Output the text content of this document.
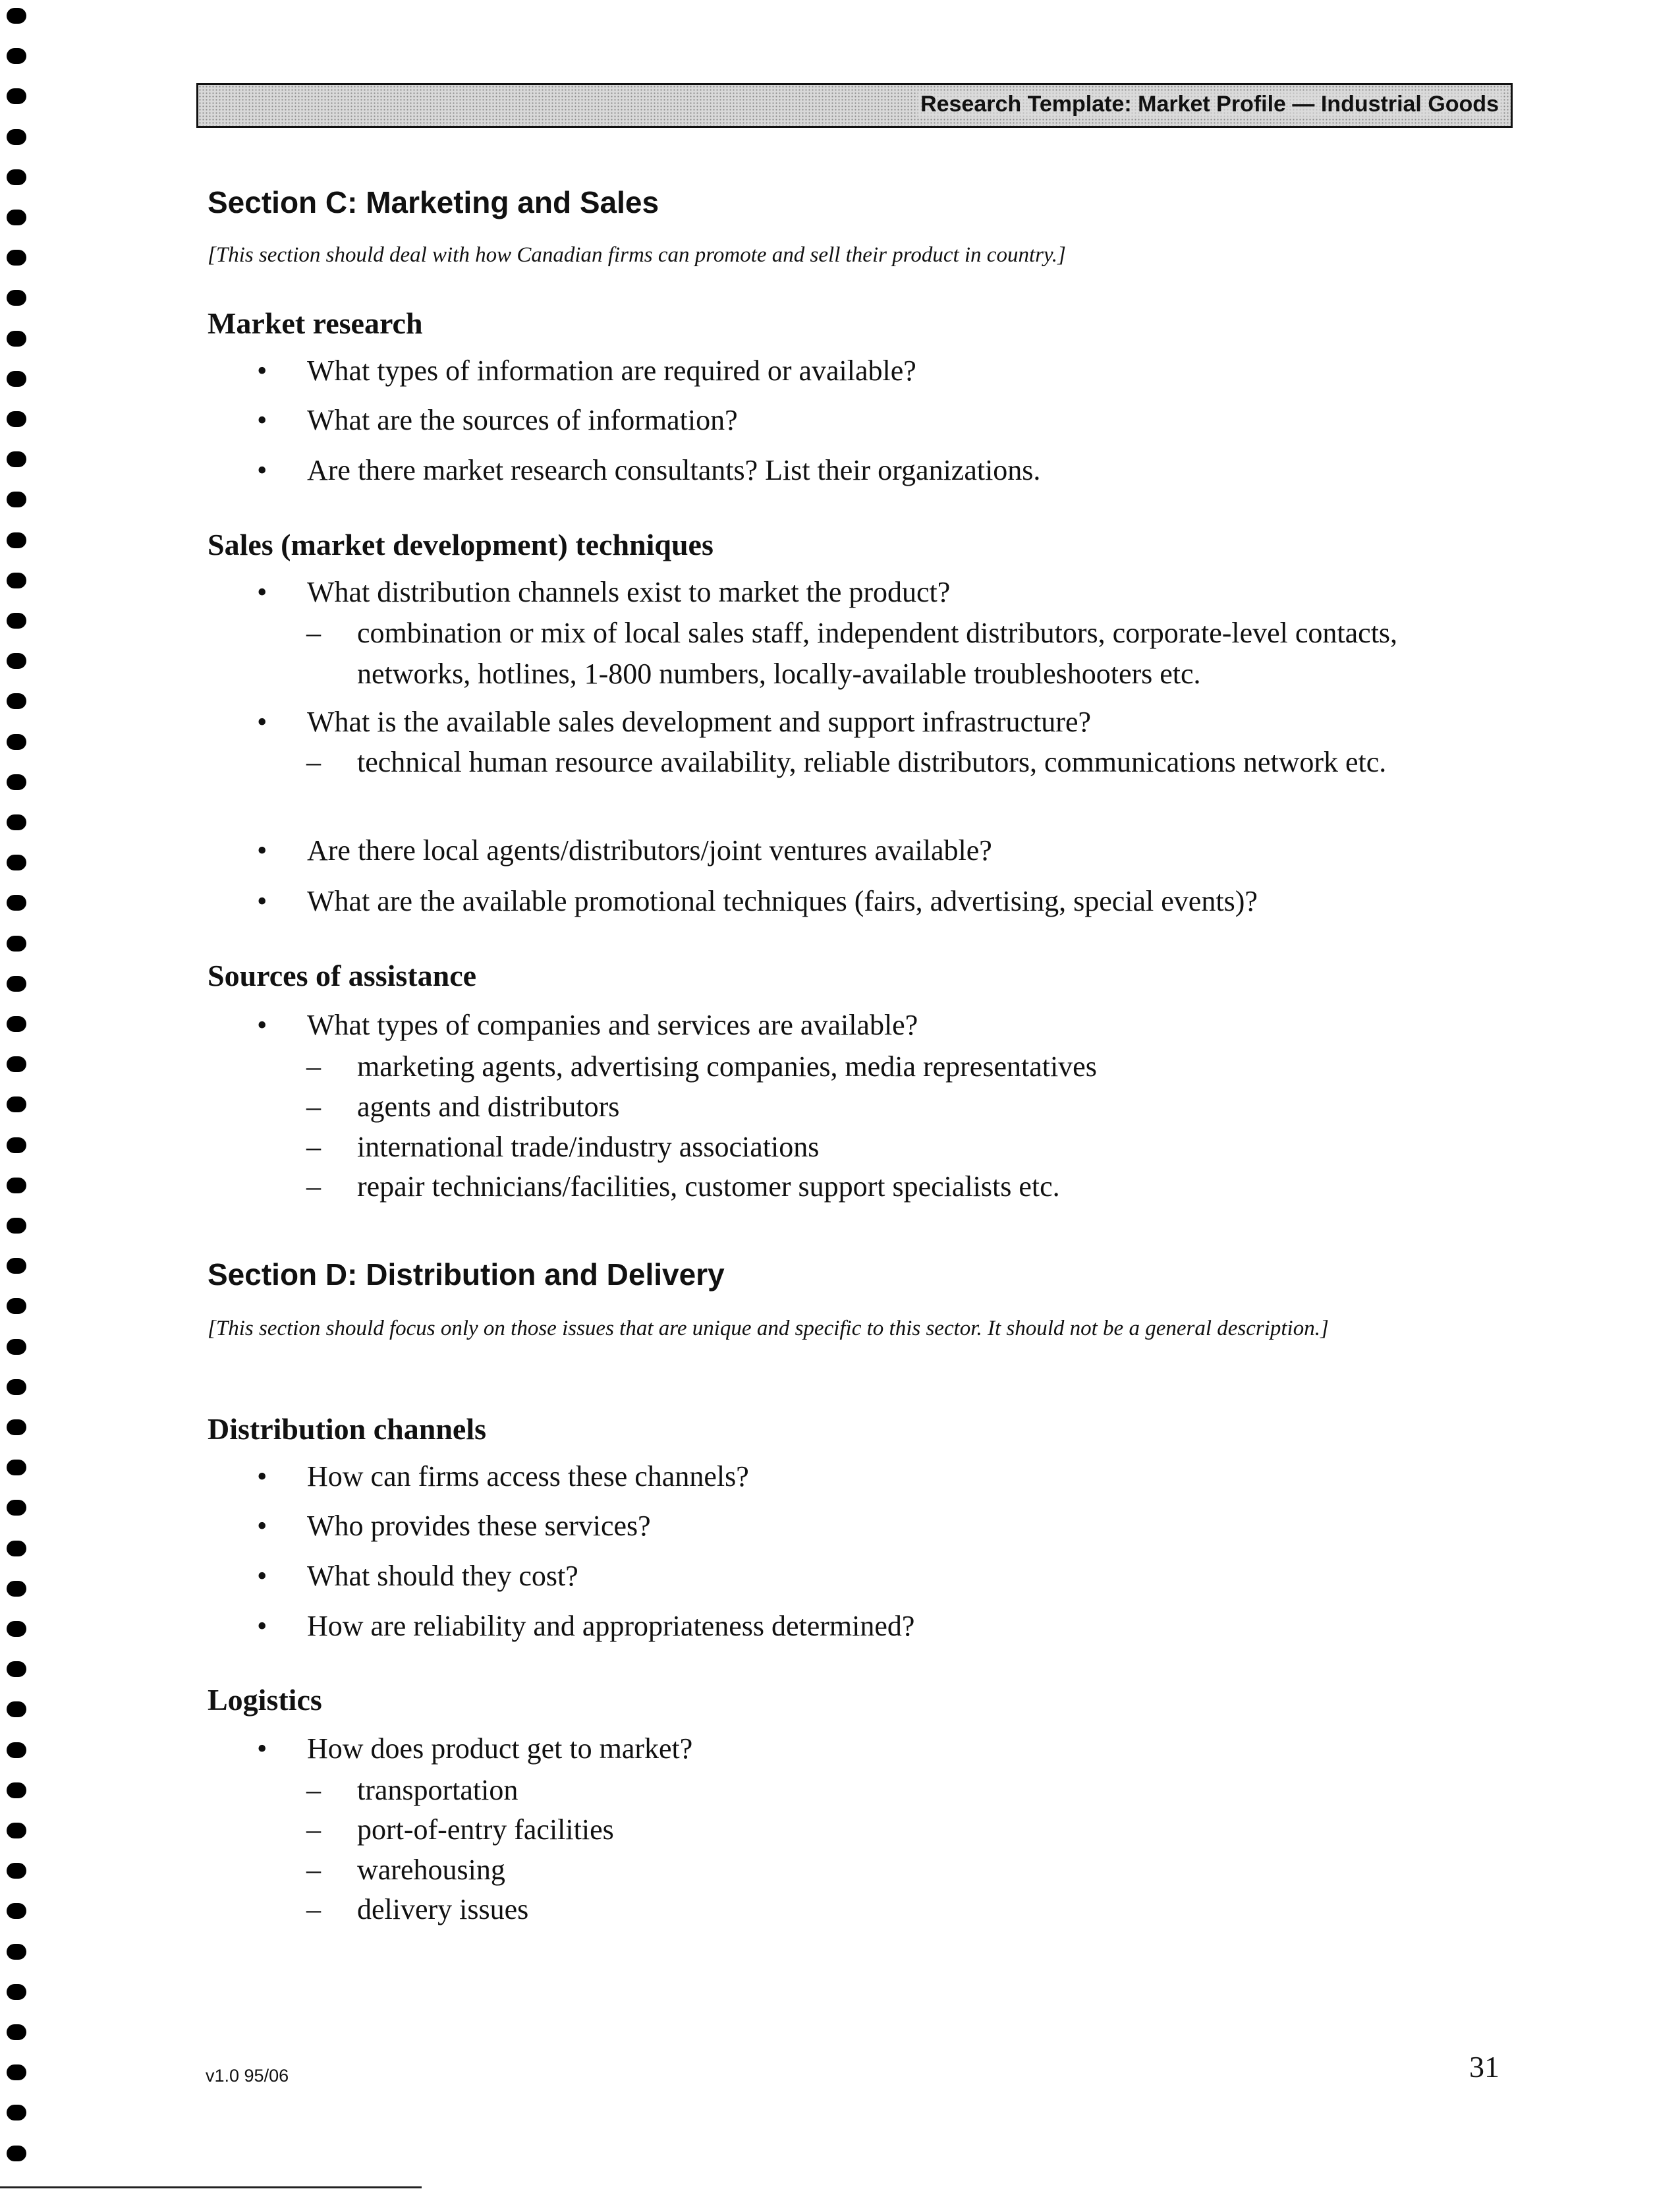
Research Template: Market Profile — Industrial Goods
Section C: Marketing and Sales

[This section should deal with how Canadian firms can promote and sell their product in country.]

Market research
• What types of information are required or available?
• What are the sources of information?
• Are there market research consultants? List their organizations.
Sales (market development) techniques
• What distribution channels exist to market the product?
– combination or mix of local sales staff, independent distributors, corporate-level contacts, networks, hotlines, 1-800 numbers, locally-available troubleshooters etc.
• What is the available sales development and support infrastructure?
– technical human resource availability, reliable distributors, communications network etc.
• Are there local agents/distributors/joint ventures available?
• What are the available promotional techniques (fairs, advertising, special events)?
Sources of assistance
• What types of companies and services are available?
– marketing agents, advertising companies, media representatives
– agents and distributors
– international trade/industry associations
– repair technicians/facilities, customer support specialists etc.
Section D: Distribution and Delivery

[This section should focus only on those issues that are unique and specific to this sector. It should not be a general description.]

Distribution channels
• How can firms access these channels?
• Who provides these services?
• What should they cost?
• How are reliability and appropriateness determined?
Logistics
• How does product get to market?
– transportation
– port-of-entry facilities
– warehousing
– delivery issues
v1.0 95/06	31
